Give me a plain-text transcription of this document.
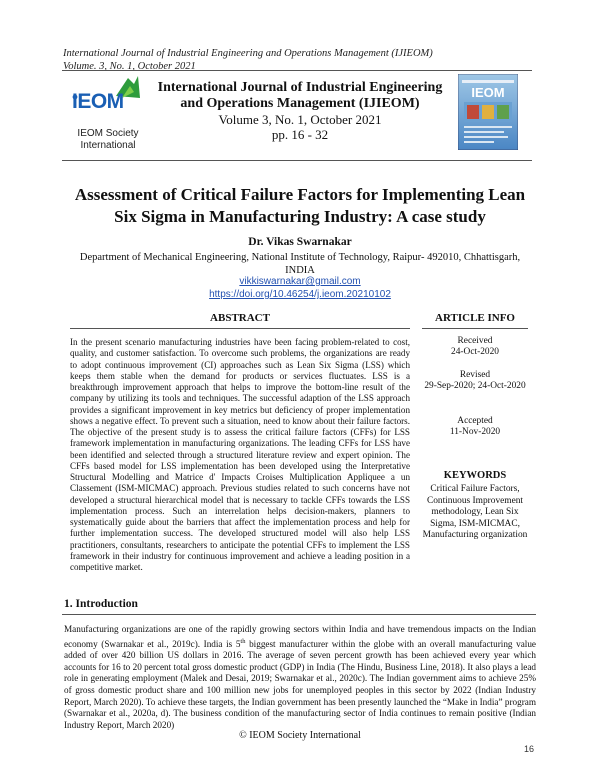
International Journal of Industrial Engineering and Operations Management (IJIEOM)
Volume. 3, No. 1, October 2021
IEOM
IEOM Society
International
International Journal of Industrial Engineering
and Operations Management (IJIEOM)
Volume 3, No. 1, October 2021
pp. 16 - 32
IEOM
Assessment of Critical Failure Factors for Implementing Lean
Six Sigma in Manufacturing Industry: A case study
Dr. Vikas Swarnakar
Department of Mechanical Engineering, National Institute of Technology, Raipur- 492010, Chhattisgarh, INDIA
vikkiswarnakar@gmail.com
https://doi.org/10.46254/j.ieom.20210102
ABSTRACT
In the present scenario manufacturing industries have been facing problem-related to cost, quality, and customer satisfaction. To overcome such problems, the organizations are ready to adopt continuous improvement (CI) approaches such as Lean Six Sigma (LSS) which keeps them stable when the demand for products or services fluctuates. LSS is a breakthrough improvement approach that helps to improve the bottom-line result of the company by utilizing its tools and techniques. The successful adaption of the LSS approach provides a significant improvement in key metrics but deficiency of proper implementation shows a negative effect. To prevent such a situation, need to know about their failure factors. The objective of the present study is to assess the critical failure factors (CFFs) for LSS framework implementation in manufacturing organizations. The leading CFFs for LSS have been identified and selected through a structured literature review and expert opinion. The CFFs based model for LSS implementation has been developed using the Interpretative Structural Modelling and Matrice d' Impacts Croises Multiplication Appliquee a un Classement (ISM-MICMAC) approach. Previous studies related to such concerns have not developed a structural hierarchical model that is necessary to tackle CFFs towards the LSS implementation process. Such an interrelation helps decision-makers, planners to systematically guide about the barriers that affect the implementation process and help for further implementation success. The developed structured model will also help LSS practitioners, consultants, researchers to anticipate the potential CFFs to implement the LSS framework in their industry for continuous improvement and achieve a leading position in a competitive market.
ARTICLE INFO
Received
24-Oct-2020
Revised
29-Sep-2020; 24-Oct-2020
Accepted
11-Nov-2020
KEYWORDS
Critical Failure Factors, Continuous Improvement methodology, Lean Six Sigma, ISM-MICMAC, Manufacturing organization
1. Introduction
Manufacturing organizations are one of the rapidly growing sectors within India and have tremendous impacts on the Indian economy (Swarnakar et al., 2019c). India is 5th biggest manufacturer within the globe with an overall manufacturing value added of over 420 billion US dollars in 2016. The average of seven percent growth has been achieved every year which accounts for 16 to 20 percent total gross domestic product (GDP) in India (The Hindu, Business Line, 2018). It also plays a lead role in generating employment (Malek and Desai, 2019; Swarnakar et al., 2020c). The Indian government aims to achieve 25% of gross domestic product share and 100 million new jobs for unemployed peoples in this sector by 2022 (Indian Industry Report, March 2020). To achieve these targets, the Indian government has been presently launched the “Make in India” program (Swarnakar et al., 2020a, d). The business condition of the manufacturing sector of India continues to remain positive (Indian Industry Report, March 2020)
© IEOM Society International
16
